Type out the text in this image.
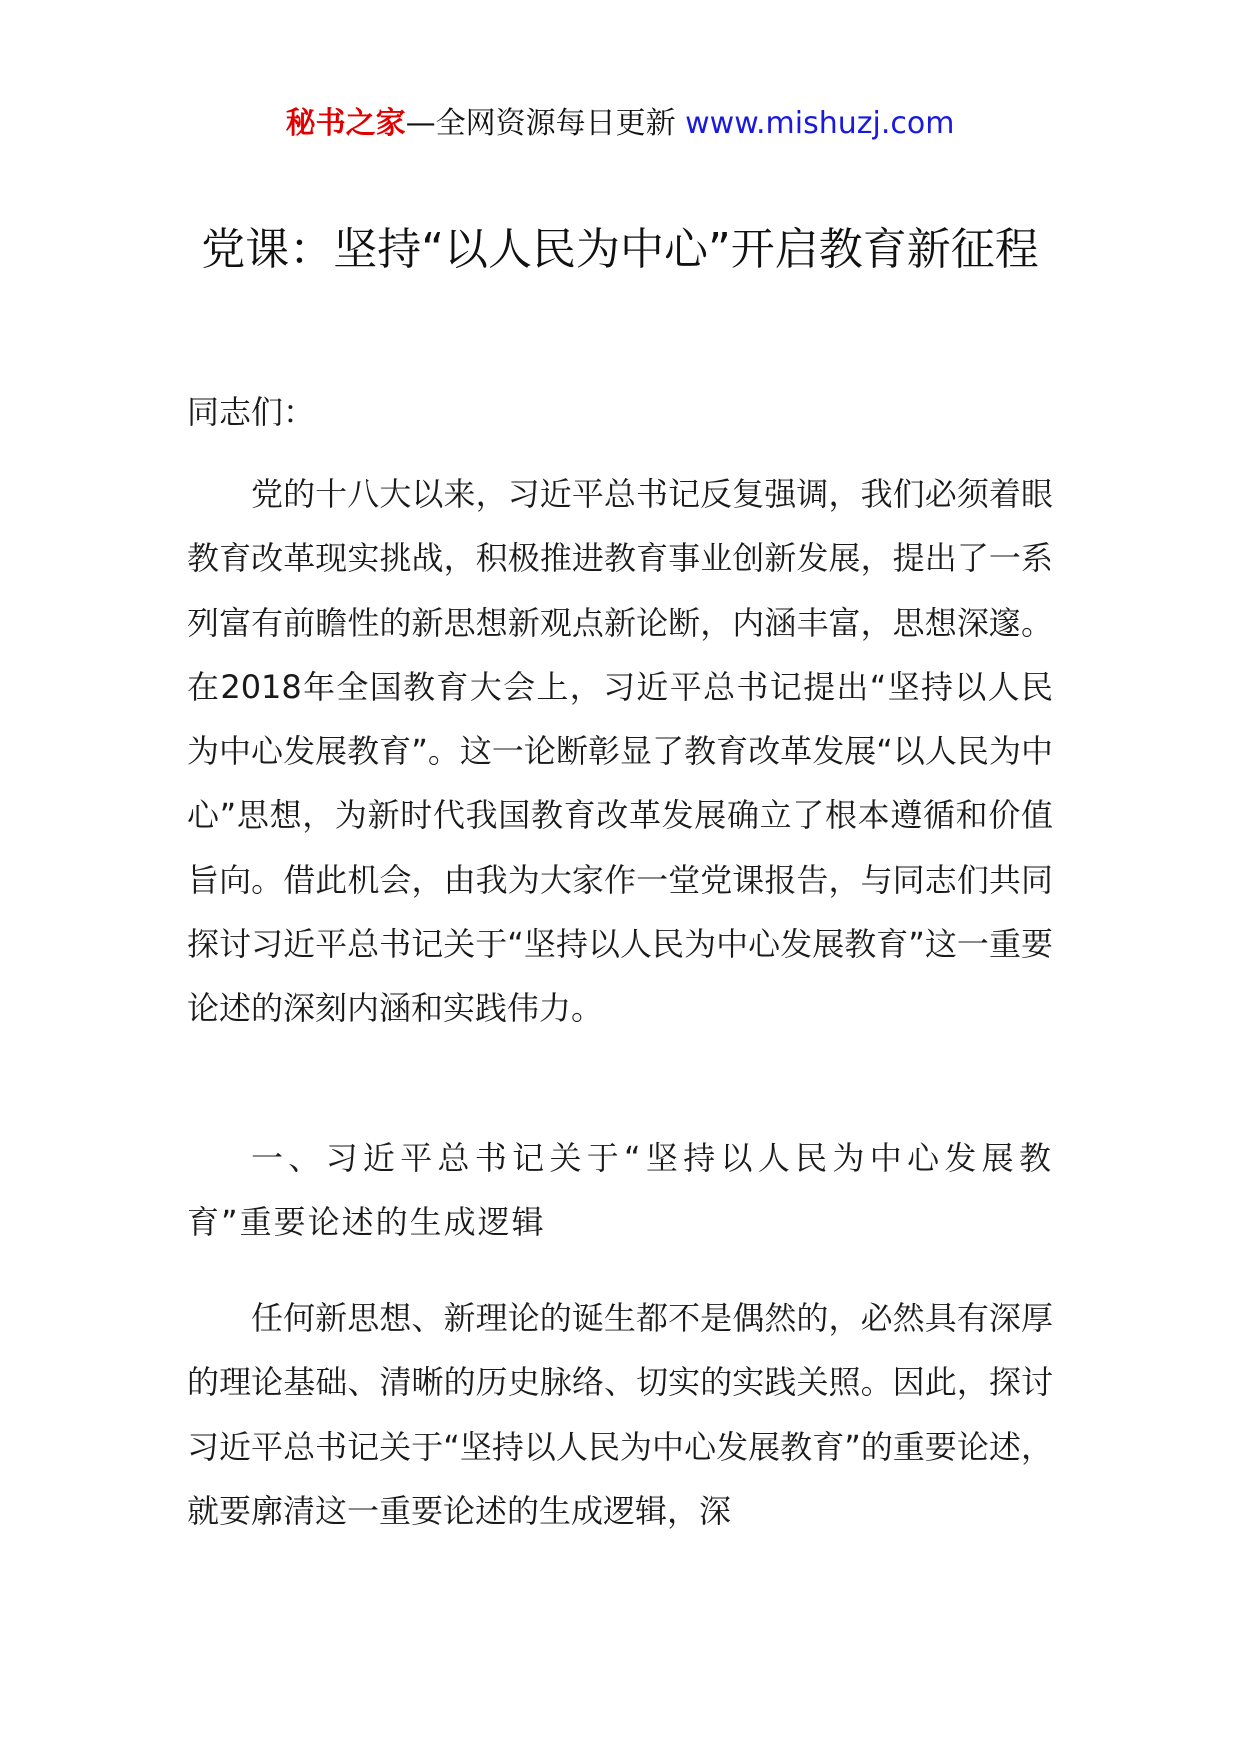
秘书之家—全网资源每日更新 www.mishuzj.com
党课：坚持“以人民为中心”开启教育新征程
同志们：

党的十八大以来，习近平总书记反复强调，我们必须着眼教育改革现实挑战，积极推进教育事业创新发展，提出了一系列富有前瞻性的新思想新观点新论断，内涵丰富，思想深邃。在2018年全国教育大会上，习近平总书记提出“坚持以人民为中心发展教育”。这一论断彰显了教育改革发展“以人民为中心”思想，为新时代我国教育改革发展确立了根本遵循和价值旨向。借此机会，由我为大家作一堂党课报告，与同志们共同探讨习近平总书记关于“坚持以人民为中心发展教育”这一重要论述的深刻内涵和实践伟力。

一、习近平总书记关于“坚持以人民为中心发展教育”重要论述的生成逻辑

任何新思想、新理论的诞生都不是偶然的，必然具有深厚的理论基础、清晰的历史脉络、切实的实践关照。因此，探讨习近平总书记关于“坚持以人民为中心发展教育”的重要论述，就要廓清这一重要论述的生成逻辑，深
